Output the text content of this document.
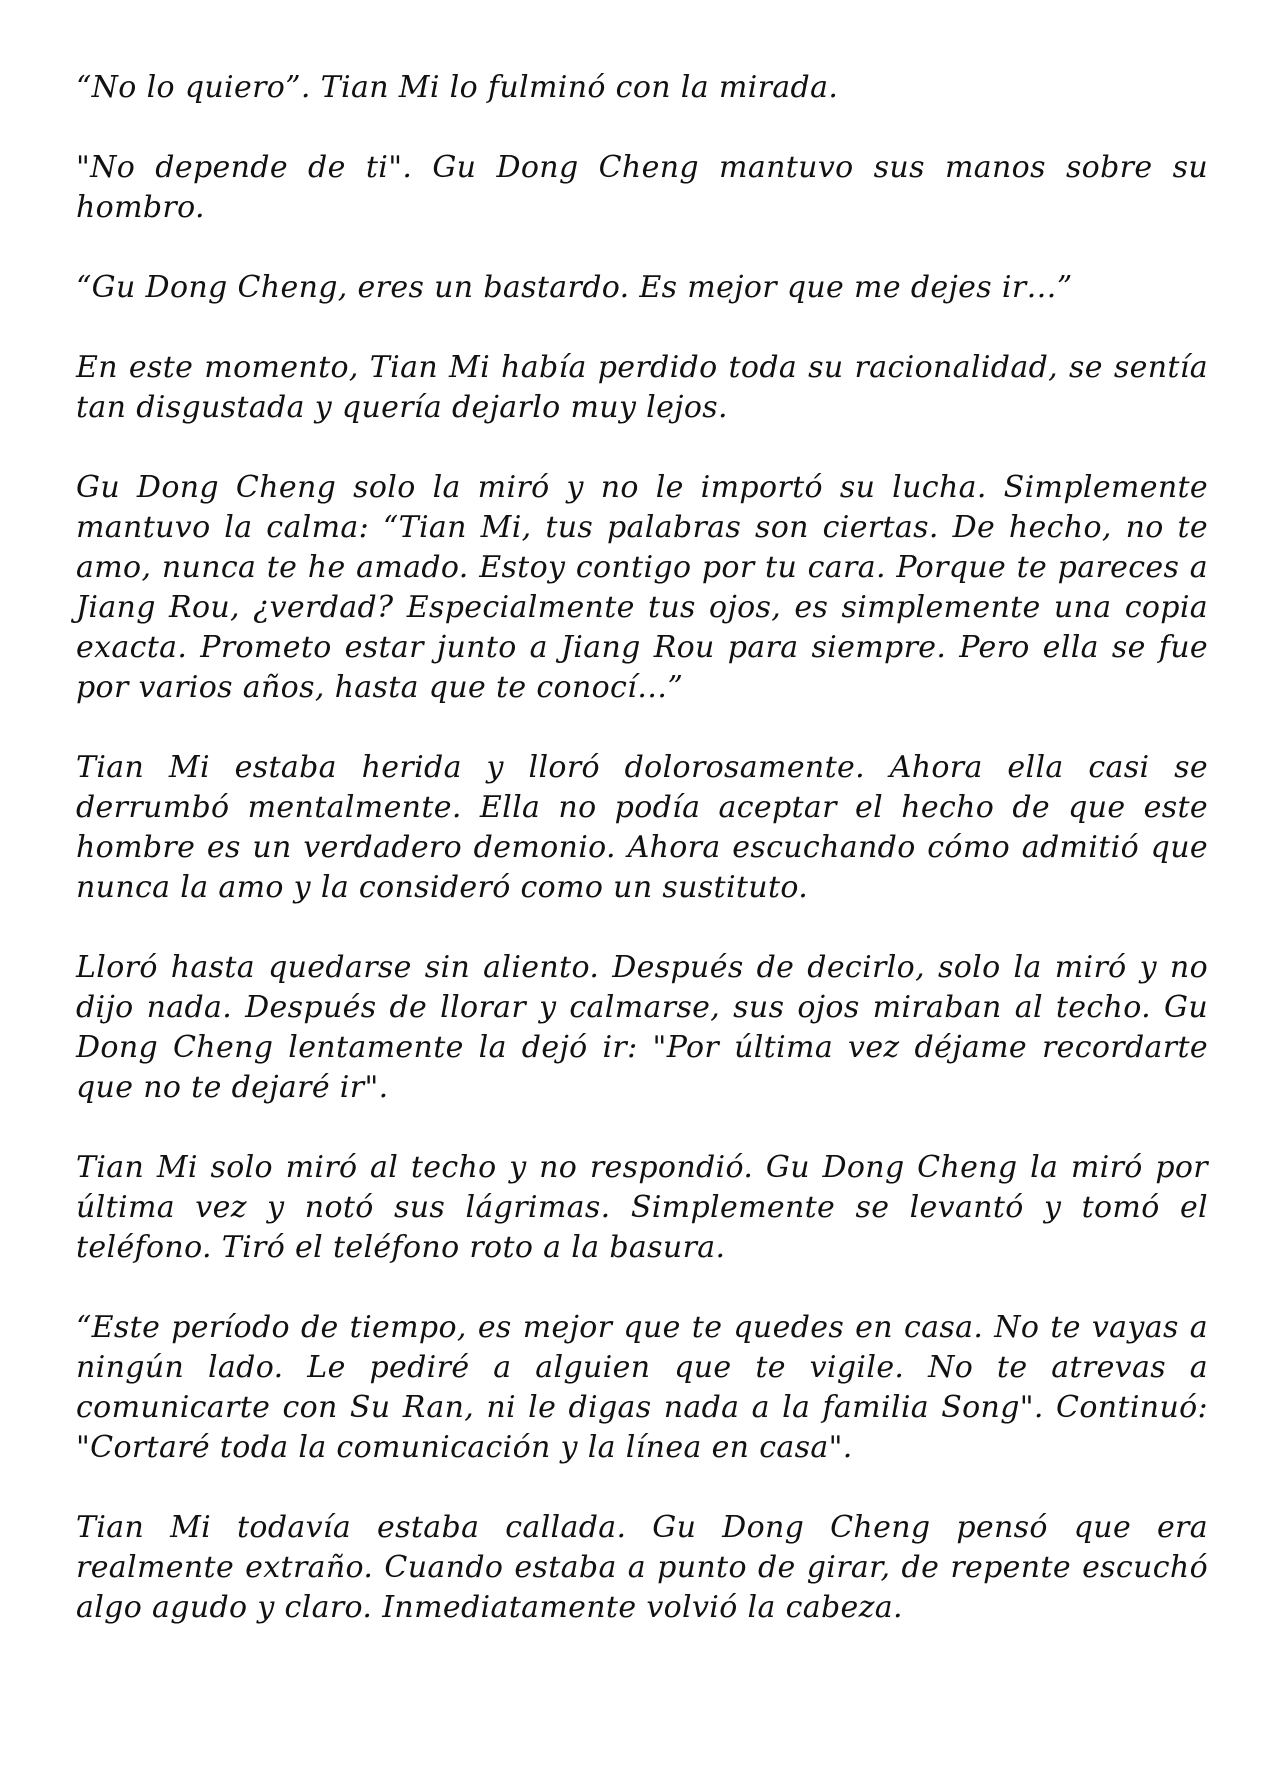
“No lo quiero”. Tian Mi lo fulminó con la mirada.

"No depende de ti". Gu Dong Cheng mantuvo sus manos sobre su hombro.

“Gu Dong Cheng, eres un bastardo. Es mejor que me dejes ir…”

En este momento, Tian Mi había perdido toda su racionalidad, se sentía tan disgustada y quería dejarlo muy lejos.

Gu Dong Cheng solo la miró y no le importó su lucha. Simplemente mantuvo la calma: “Tian Mi, tus palabras son ciertas. De hecho, no te amo, nunca te he amado. Estoy contigo por tu cara. Porque te pareces a Jiang Rou, ¿verdad? Especialmente tus ojos, es simplemente una copia exacta. Prometo estar junto a Jiang Rou para siempre. Pero ella se fue por varios años, hasta que te conocí…”

Tian Mi estaba herida y lloró dolorosamente. Ahora ella casi se derrumbó mentalmente. Ella no podía aceptar el hecho de que este hombre es un verdadero demonio. Ahora escuchando cómo admitió que nunca la amo y la consideró como un sustituto.

Lloró hasta quedarse sin aliento. Después de decirlo, solo la miró y no dijo nada. Después de llorar y calmarse, sus ojos miraban al techo. Gu Dong Cheng lentamente la dejó ir: "Por última vez déjame recordarte que no te dejaré ir".

Tian Mi solo miró al techo y no respondió. Gu Dong Cheng la miró por última vez y notó sus lágrimas. Simplemente se levantó y tomó el teléfono. Tiró el teléfono roto a la basura.

“Este período de tiempo, es mejor que te quedes en casa. No te vayas a ningún lado. Le pediré a alguien que te vigile. No te atrevas a comunicarte con Su Ran, ni le digas nada a la familia Song". Continuó: "Cortaré toda la comunicación y la línea en casa".

Tian Mi todavía estaba callada. Gu Dong Cheng pensó que era realmente extraño. Cuando estaba a punto de girar, de repente escuchó algo agudo y claro. Inmediatamente volvió la cabeza.
